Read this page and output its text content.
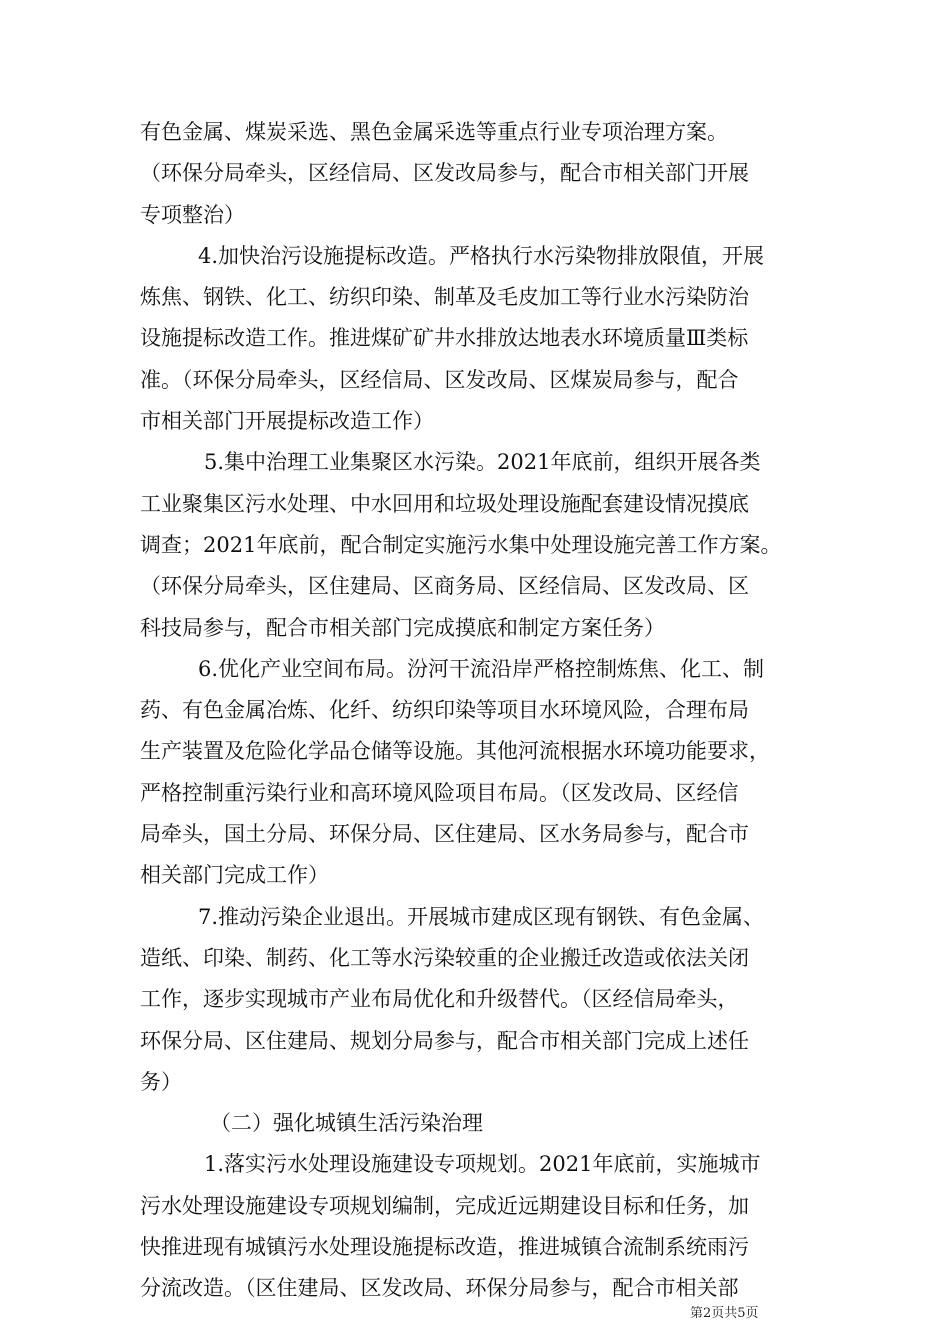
有色金属、煤炭采选、黑色金属采选等重点行业专项治理方案。
（环保分局牵头，区经信局、区发改局参与，配合市相关部门开展
专项整治）
4.加快治污设施提标改造。严格执行水污染物排放限值，开展
炼焦、钢铁、化工、纺织印染、制革及毛皮加工等行业水污染防治
设施提标改造工作。推进煤矿矿井水排放达地表水环境质量Ⅲ类标
准。（环保分局牵头，区经信局、区发改局、区煤炭局参与，配合
市相关部门开展提标改造工作）
5.集中治理工业集聚区水污染。2021年底前，组织开展各类
工业聚集区污水处理、中水回用和垃圾处理设施配套建设情况摸底
调查；2021年底前，配合制定实施污水集中处理设施完善工作方案。
（环保分局牵头，区住建局、区商务局、区经信局、区发改局、区
科技局参与，配合市相关部门完成摸底和制定方案任务）
6.优化产业空间布局。汾河干流沿岸严格控制炼焦、化工、制
药、有色金属冶炼、化纤、纺织印染等项目水环境风险，合理布局
生产装置及危险化学品仓储等设施。其他河流根据水环境功能要求，
严格控制重污染行业和高环境风险项目布局。（区发改局、区经信
局牵头，国土分局、环保分局、区住建局、区水务局参与，配合市
相关部门完成工作）
7.推动污染企业退出。开展城市建成区现有钢铁、有色金属、
造纸、印染、制药、化工等水污染较重的企业搬迁改造或依法关闭
工作，逐步实现城市产业布局优化和升级替代。（区经信局牵头，
环保分局、区住建局、规划分局参与，配合市相关部门完成上述任
务）
（二）强化城镇生活污染治理
1.落实污水处理设施建设专项规划。2021年底前，实施城市
污水处理设施建设专项规划编制，完成近远期建设目标和任务，加
快推进现有城镇污水处理设施提标改造，推进城镇合流制系统雨污
分流改造。（区住建局、区发改局、环保分局参与，配合市相关部
第2页共5页
